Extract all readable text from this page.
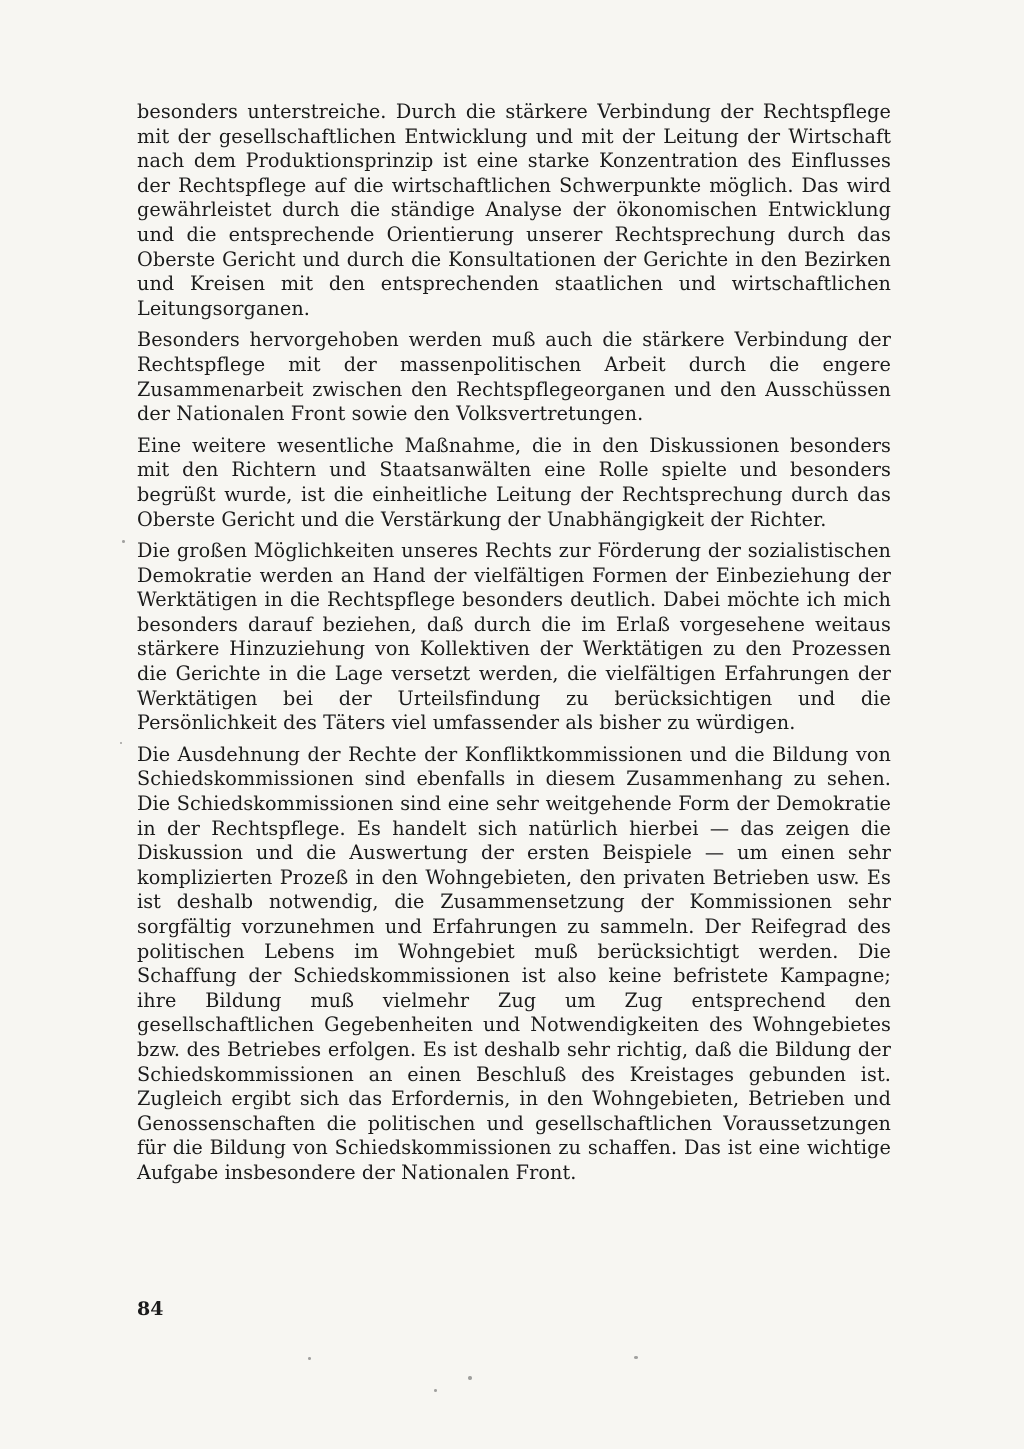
besonders unterstreiche. Durch die stärkere Verbindung der Rechtspflege mit der gesellschaftlichen Entwicklung und mit der Leitung der Wirtschaft nach dem Produktionsprinzip ist eine starke Konzentration des Einflusses der Rechtspflege auf die wirtschaftlichen Schwerpunkte möglich. Das wird gewährleistet durch die ständige Analyse der ökonomischen Entwicklung und die entsprechende Orientierung unserer Rechtsprechung durch das Oberste Gericht und durch die Konsultationen der Gerichte in den Bezirken und Kreisen mit den entsprechenden staatlichen und wirtschaftlichen Leitungsorganen.

Besonders hervorgehoben werden muß auch die stärkere Verbindung der Rechtspflege mit der massenpolitischen Arbeit durch die engere Zusammenarbeit zwischen den Rechtspflegeorganen und den Ausschüssen der Nationalen Front sowie den Volksvertretungen.

Eine weitere wesentliche Maßnahme, die in den Diskussionen besonders mit den Richtern und Staatsanwälten eine Rolle spielte und besonders begrüßt wurde, ist die einheitliche Leitung der Rechtsprechung durch das Oberste Gericht und die Verstärkung der Unabhängigkeit der Richter.

Die großen Möglichkeiten unseres Rechts zur Förderung der sozialistischen Demokratie werden an Hand der vielfältigen Formen der Einbeziehung der Werktätigen in die Rechtspflege besonders deutlich. Dabei möchte ich mich besonders darauf beziehen, daß durch die im Erlaß vorgesehene weitaus stärkere Hinzuziehung von Kollektiven der Werktätigen zu den Prozessen die Gerichte in die Lage versetzt werden, die vielfältigen Erfahrungen der Werktätigen bei der Urteilsfindung zu berücksichtigen und die Persönlichkeit des Täters viel umfassender als bisher zu würdigen.

Die Ausdehnung der Rechte der Konfliktkommissionen und die Bildung von Schiedskommissionen sind ebenfalls in diesem Zusammenhang zu sehen. Die Schiedskommissionen sind eine sehr weitgehende Form der Demokratie in der Rechtspflege. Es handelt sich natürlich hierbei — das zeigen die Diskussion und die Auswertung der ersten Beispiele — um einen sehr komplizierten Prozeß in den Wohngebieten, den privaten Betrieben usw. Es ist deshalb notwendig, die Zusammensetzung der Kommissionen sehr sorgfältig vorzunehmen und Erfahrungen zu sammeln. Der Reifegrad des politischen Lebens im Wohngebiet muß berücksichtigt werden. Die Schaffung der Schiedskommissionen ist also keine befristete Kampagne; ihre Bildung muß vielmehr Zug um Zug entsprechend den gesellschaftlichen Gegebenheiten und Notwendigkeiten des Wohngebietes bzw. des Betriebes erfolgen. Es ist deshalb sehr richtig, daß die Bildung der Schiedskommissionen an einen Beschluß des Kreistages gebunden ist. Zugleich ergibt sich das Erfordernis, in den Wohngebieten, Betrieben und Genossenschaften die politischen und gesellschaftlichen Voraussetzungen für die Bildung von Schiedskommissionen zu schaffen. Das ist eine wichtige Aufgabe insbesondere der Nationalen Front.

84
